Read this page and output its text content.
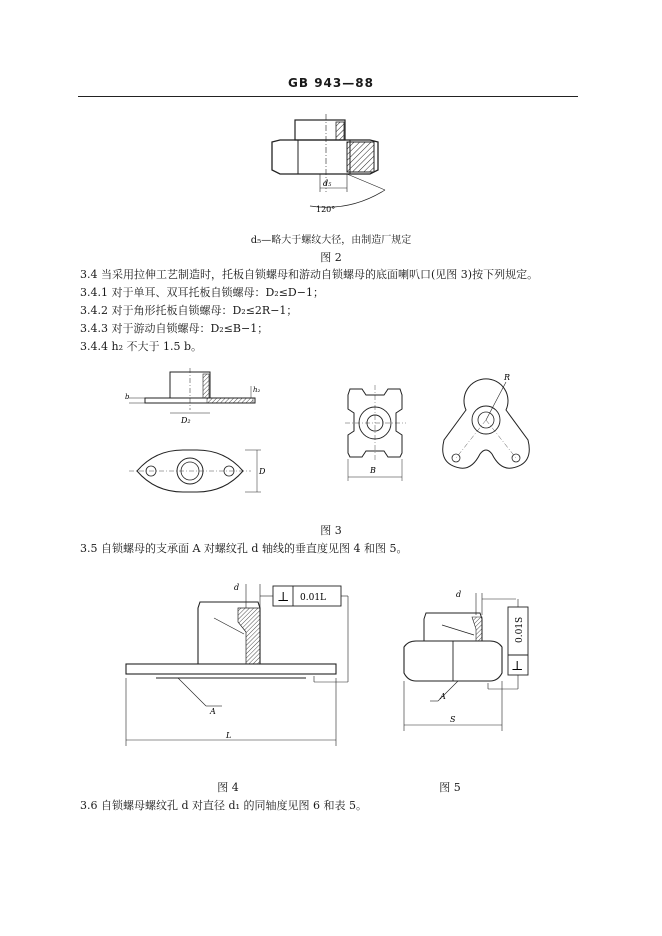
GB 943—88
d₅
120°
d₅—略大于螺纹大径，由制造厂规定
图 2
3.4 当采用拉伸工艺制造时，托板自锁螺母和游动自锁螺母的底面喇叭口(见图 3)按下列规定。
3.4.1 对于单耳、双耳托板自锁螺母：D₂≤D−1；
3.4.2 对于角形托板自锁螺母：D₂≤2R−1；
3.4.3 对于游动自锁螺母：D₂≤B−1；
3.4.4 h₂ 不大于 1.5 b。
b
h₂
D₂
D	B
R
图 3
3.5 自锁螺母的支承面 A 对螺纹孔 d 轴线的垂直度见图 4 和图 5。
d
⊥ 0.01L
A
L
图 4
d
⊥
0.01S
A
S
图 5
3.6 自锁螺母螺纹孔 d 对直径 d₁ 的同轴度见图 6 和表 5。
